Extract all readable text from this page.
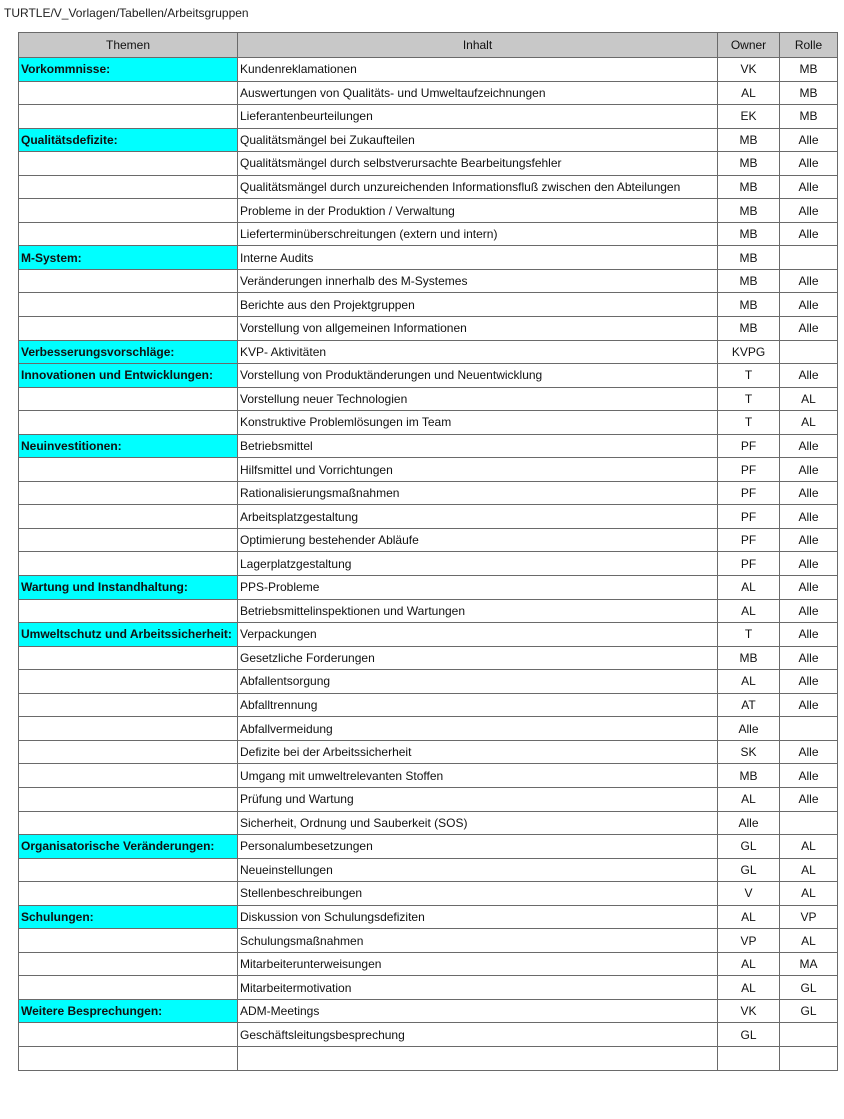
TURTLE/V_Vorlagen/Tabellen/Arbeitsgruppen
Themen	Inhalt	Owner	Rolle
Vorkommnisse:	Kundenreklamationen	VK	MB
	Auswertungen von Qualitäts- und Umweltaufzeichnungen	AL	MB
	Lieferantenbeurteilungen	EK	MB
Qualitätsdefizite:	Qualitätsmängel bei Zukaufteilen	MB	Alle
	Qualitätsmängel durch selbstverursachte Bearbeitungsfehler	MB	Alle
	Qualitätsmängel durch unzureichenden Informationsfluß zwischen den Abteilungen	MB	Alle
	Probleme in der Produktion / Verwaltung	MB	Alle
	Lieferterminüberschreitungen (extern und intern)	MB	Alle
M-System:	Interne Audits	MB	
	Veränderungen innerhalb des M-Systemes	MB	Alle
	Berichte aus den Projektgruppen	MB	Alle
	Vorstellung von allgemeinen Informationen	MB	Alle
Verbesserungsvorschläge:	KVP- Aktivitäten	KVPG	
Innovationen und Entwicklungen:	Vorstellung von Produktänderungen und Neuentwicklung	T	Alle
	Vorstellung neuer Technologien	T	AL
	Konstruktive Problemlösungen im Team	T	AL
Neuinvestitionen:	Betriebsmittel	PF	Alle
	Hilfsmittel und Vorrichtungen	PF	Alle
	Rationalisierungsmaßnahmen	PF	Alle
	Arbeitsplatzgestaltung	PF	Alle
	Optimierung bestehender Abläufe	PF	Alle
	Lagerplatzgestaltung	PF	Alle
Wartung und Instandhaltung:	PPS-Probleme	AL	Alle
	Betriebsmittelinspektionen und Wartungen	AL	Alle
Umweltschutz und Arbeitssicherheit:	Verpackungen	T	Alle
	Gesetzliche Forderungen	MB	Alle
	Abfallentsorgung	AL	Alle
	Abfalltrennung	AT	Alle
	Abfallvermeidung	Alle	
	Defizite bei der Arbeitssicherheit	SK	Alle
	Umgang mit umweltrelevanten Stoffen	MB	Alle
	Prüfung und Wartung	AL	Alle
	Sicherheit, Ordnung und Sauberkeit (SOS)	Alle	
Organisatorische Veränderungen:	Personalumbesetzungen	GL	AL
	Neueinstellungen	GL	AL
	Stellenbeschreibungen	V	AL
Schulungen:	Diskussion von Schulungsdefiziten	AL	VP
	Schulungsmaßnahmen	VP	AL
	Mitarbeiterunterweisungen	AL	MA
	Mitarbeitermotivation	AL	GL
Weitere Besprechungen:	ADM-Meetings	VK	GL
	Geschäftsleitungsbesprechung	GL	
